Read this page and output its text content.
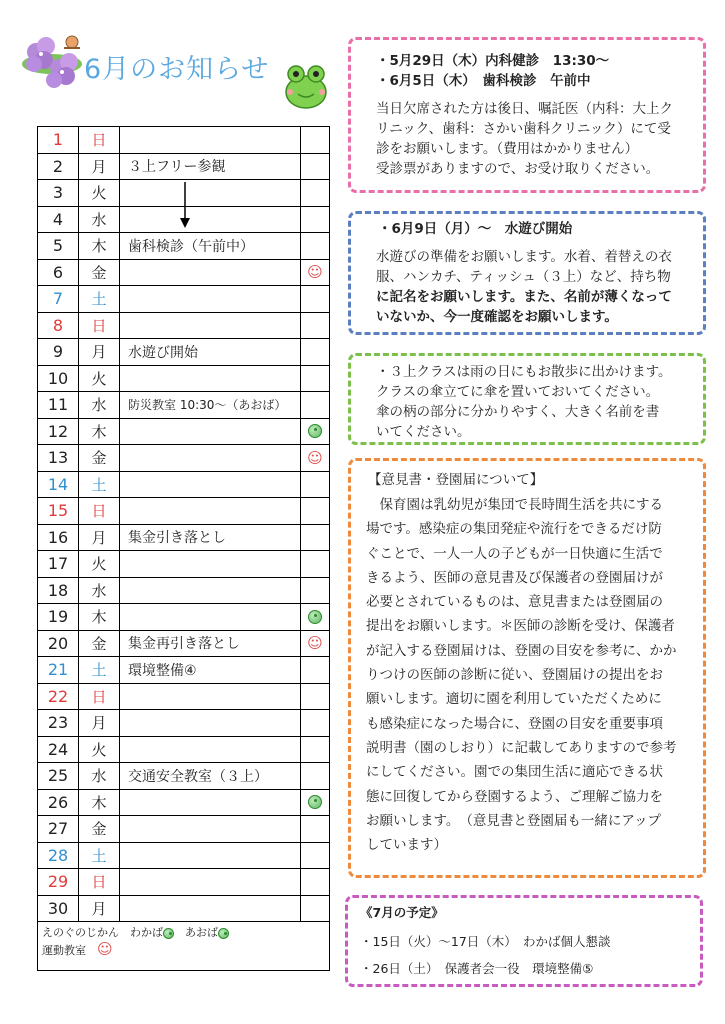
6月のお知らせ
1	日		
2	月	３上フリー参観	
3	火		
4	水		
5	木	歯科検診（午前中）	
6	金		☺
7	土		
8	日		
9	月	水遊び開始	
10	火		
11	水	防災教室 10:30～（あおば）	
12	木		
13	金		☺
14	土		
15	日		
16	月	集金引き落とし	
17	火		
18	水		
19	木		
20	金	集金再引き落とし	☺
21	土	環境整備④	
22	日		
23	月		
24	火		
25	水	交通安全教室（３上）	
26	木		
27	金		
28	土		
29	日		
30	月		
えのぐのじかん　わかば　あおば
運動教室　 ☺			
・5月29日（木）内科健診　13:30～
・6月5日（木）　歯科検診　午前中
当日欠席された方は後日、嘱託医（内科：大上ク
リニック、歯科：さかい歯科クリニック）にて受
診をお願いします。（費用はかかりません）
受診票がありますので、お受け取りください。
・6月9日（月）～　水遊び開始
水遊びの準備をお願いします。水着、着替えの衣
服、ハンカチ、ティッシュ（３上）など、持ち物
に記名をお願いします。また、名前が薄くなって
いないか、今一度確認をお願いします。
・３上クラスは雨の日にもお散歩に出かけます。
クラスの傘立てに傘を置いておいてください。
傘の柄の部分に分かりやすく、大きく名前を書
いてください。
【意見書・登園届について】
　保育園は乳幼児が集団で長時間生活を共にする
場です。感染症の集団発症や流行をできるだけ防
ぐことで、一人一人の子どもが一日快適に生活で
きるよう、医師の意見書及び保護者の登園届けが
必要とされているものは、意見書または登園届の
提出をお願いします。＊医師の診断を受け、保護者
が記入する登園届けは、登園の目安を参考に、かか
りつけの医師の診断に従い、登園届けの提出をお
願いします。適切に園を利用していただくために
も感染症になった場合に、登園の目安を重要事項
説明書（園のしおり）に記載してありますので参考
にしてください。園での集団生活に適応できる状
態に回復してから登園するよう、ご理解ご協力を
お願いします。　（意見書と登園届も一緒にアップ
しています）
《7月の予定》
・15日（火）～17日（木）　わかば個人懇談
・26日（土）　保護者会一役　環境整備⑤
